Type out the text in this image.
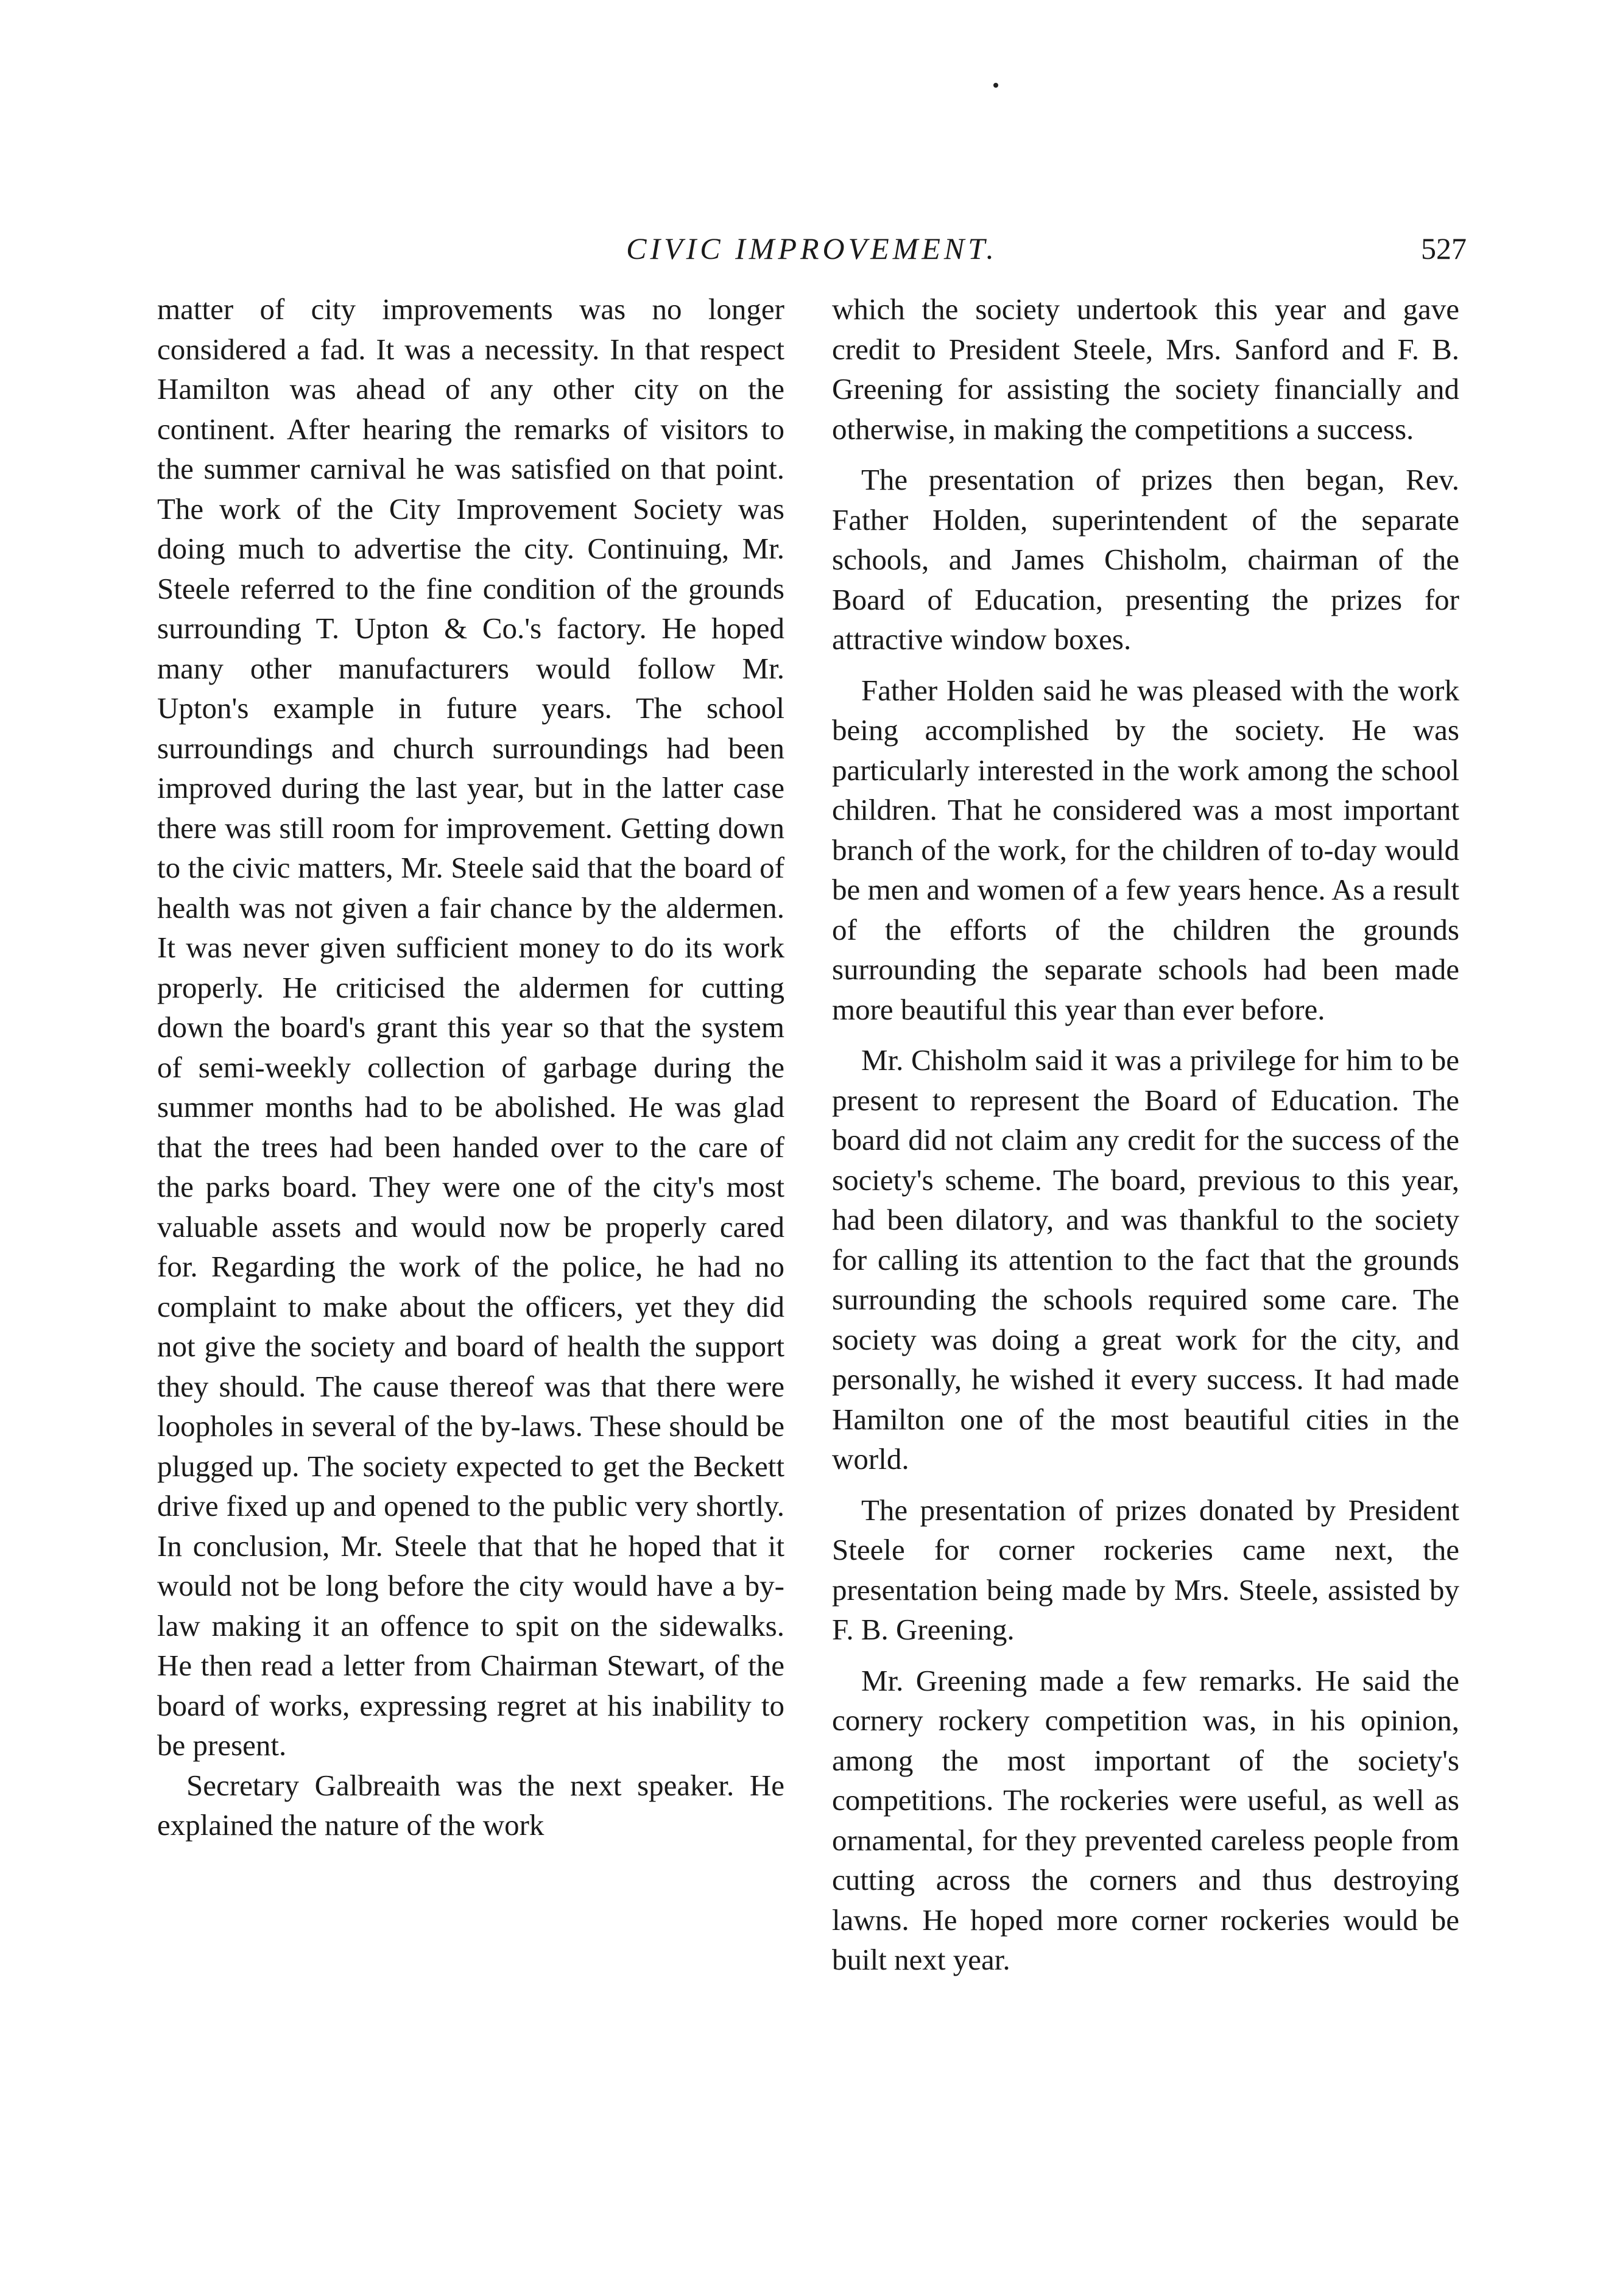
CIVIC IMPROVEMENT.	527

matter of city improvements was no longer considered a fad. It was a necessity. In that respect Hamilton was ahead of any other city on the continent. After hearing the remarks of visitors to the summer carnival he was satisfied on that point. The work of the City Improvement Society was doing much to advertise the city. Continuing, Mr. Steele referred to the fine condition of the grounds surrounding T. Upton & Co.'s factory. He hoped many other manufacturers would follow Mr. Upton's example in future years. The school surroundings and church surroundings had been improved during the last year, but in the latter case there was still room for improvement. Getting down to the civic matters, Mr. Steele said that the board of health was not given a fair chance by the aldermen. It was never given sufficient money to do its work properly. He criticised the aldermen for cutting down the board's grant this year so that the system of semi-weekly collection of garbage during the summer months had to be abolished. He was glad that the trees had been handed over to the care of the parks board. They were one of the city's most valuable assets and would now be properly cared for. Regarding the work of the police, he had no complaint to make about the officers, yet they did not give the society and board of health the support they should. The cause thereof was that there were loopholes in several of the by-laws. These should be plugged up. The society expected to get the Beckett drive fixed up and opened to the public very shortly. In conclusion, Mr. Steele that that he hoped that it would not be long before the city would have a by-law making it an offence to spit on the sidewalks. He then read a letter from Chairman Stewart, of the board of works, expressing regret at his inability to be present.

Secretary Galbreaith was the next speaker. He explained the nature of the work

which the society undertook this year and gave credit to President Steele, Mrs. Sanford and F. B. Greening for assisting the society financially and otherwise, in making the competitions a success.

The presentation of prizes then began, Rev. Father Holden, superintendent of the separate schools, and James Chisholm, chairman of the Board of Education, presenting the prizes for attractive window boxes.

Father Holden said he was pleased with the work being accomplished by the society. He was particularly interested in the work among the school children. That he considered was a most important branch of the work, for the children of to-day would be men and women of a few years hence. As a result of the efforts of the children the grounds surrounding the separate schools had been made more beautiful this year than ever before.

Mr. Chisholm said it was a privilege for him to be present to represent the Board of Education. The board did not claim any credit for the success of the society's scheme. The board, previous to this year, had been dilatory, and was thankful to the society for calling its attention to the fact that the grounds surrounding the schools required some care. The society was doing a great work for the city, and personally, he wished it every success. It had made Hamilton one of the most beautiful cities in the world.

The presentation of prizes donated by President Steele for corner rockeries came next, the presentation being made by Mrs. Steele, assisted by F. B. Greening.

Mr. Greening made a few remarks. He said the cornery rockery competition was, in his opinion, among the most important of the society's competitions. The rockeries were useful, as well as ornamental, for they prevented careless people from cutting across the corners and thus destroying lawns. He hoped more corner rockeries would be built next year.
